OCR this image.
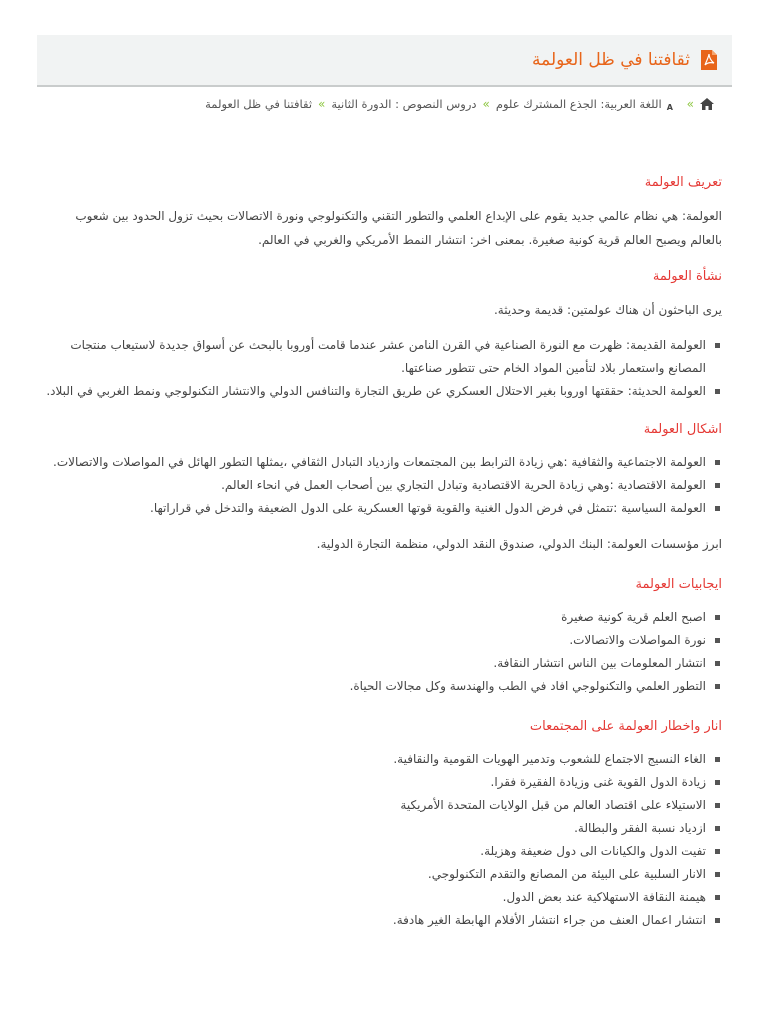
ثقافتنا في ظل العولمة
»
A
اللغة العربية: الجذع المشترك علوم
»
دروس النصوص : الدورة الثانية
»
ثقافتنا في ظل العولمة
تعريف العولمة

العولمة: هي نظام عالمي جديد يقوم على الإبداع العلمي والتطور التقني والتكنولوجي ونورة الاتصالات بحيث تزول الحدود بين شعوب بالعالم ويصبح العالم قرية كونية صغيرة. بمعنى اخر: انتشار النمط الأمريكي والغربي في العالم.

نشأة العولمة

يرى الباحثون أن هناك عولمتين: قديمة وحديثة.

العولمة القديمة: ظهرت مع النورة الصناعية في القرن النامن عشر عندما قامت أوروبا بالبحث عن أسواق جديدة لاستيعاب منتجات المصانع واستعمار بلاد لتأمين المواد الخام حتى تتطور صناعتها.
العولمة الحديثة: حققتها اوروبا بغير الاحتلال العسكري عن طريق التجارة والتنافس الدولي والانتشار التكنولوجي ونمط الغربي في البلاد.
اشكال العولمة
العولمة الاجتماعية والثقافية :هي زيادة الترابط بين المجتمعات وازدياد التبادل الثقافي ،يمثلها التطور الهائل في المواصلات والاتصالات.
العولمة الاقتصادية :وهي زيادة الحرية الاقتصادية وتبادل التجاري بين أصحاب العمل في انحاء العالم.
العولمة السياسية :تتمثل في فرض الدول الغنية والقوية قوتها العسكرية على الدول الضعيفة والتدخل في قراراتها.

ابرز مؤسسات العولمة: البنك الدولي، صندوق النقد الدولي، منظمة التجارة الدولية.

ايجابيات العولمة
اصبح العلم قرية كونية صغيرة
نورة المواصلات والاتصالات.
انتشار المعلومات بين الناس انتشار النقافة.
التطور العلمي والتكنولوجي افاد في الطب والهندسة وكل مجالات الحياة.
انار واخطار العولمة على المجتمعات
الغاء النسيج الاجتماع للشعوب وتدمير الهويات القومية والنقافية.
زيادة الدول القوية غنى وزيادة الفقيرة فقرا.
الاستيلاء على اقتصاد العالم من قبل الولايات المتحدة الأمريكية
ازدياد نسبة الفقر والبطالة.
تفيت الدول والكيانات الى دول ضعيفة وهزيلة.
الانار السلبية على البيئة من المصانع والتقدم التكنولوجي.
هيمنة النقافة الاستهلاكية عند بعض الدول.
انتشار اعمال العنف من جراء انتشار الأفلام الهابطة الغير هادفة.
